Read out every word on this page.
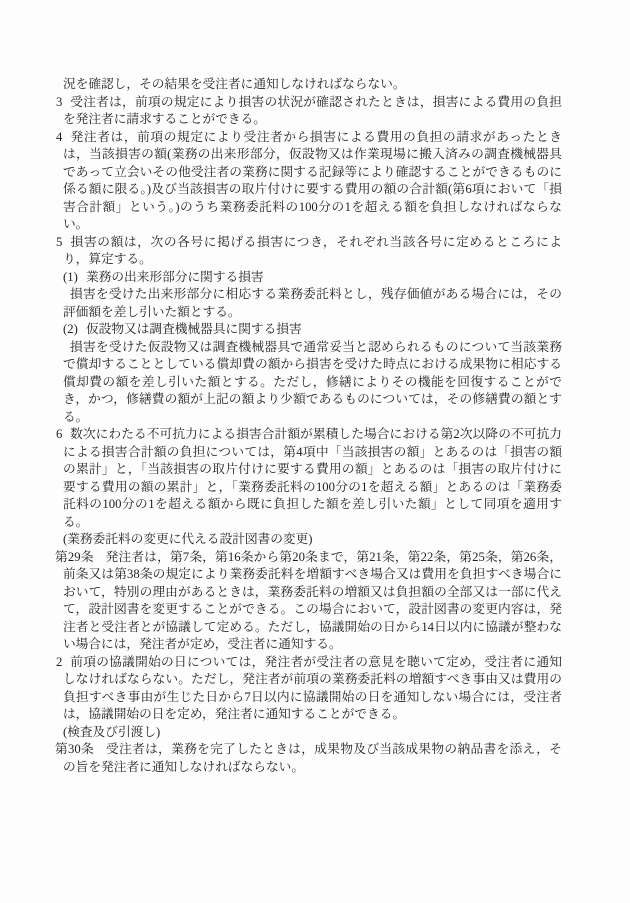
況を確認し，その結果を受注者に通知しなければならない。

3 受注者は，前項の規定により損害の状況が確認されたときは，損害による費用の負担を発注者に請求することができる。

4 発注者は，前項の規定により受注者から損害による費用の負担の請求があったときは，当該損害の額(業務の出来形部分，仮設物又は作業現場に搬入済みの調査機械器具であって立会いその他受注者の業務に関する記録等により確認することができるものに係る額に限る。)及び当該損害の取片付けに要する費用の額の合計額(第6項において「損害合計額」という。)のうち業務委託料の100分の1を超える額を負担しなければならない。

5 損害の額は，次の各号に掲げる損害につき，それぞれ当該各号に定めるところにより，算定する。

(1) 業務の出来形部分に関する損害

損害を受けた出来形部分に相応する業務委託料とし，残存価値がある場合には，その評価額を差し引いた額とする。

(2) 仮設物又は調査機械器具に関する損害

損害を受けた仮設物又は調査機械器具で通常妥当と認められるものについて当該業務で償却することとしている償却費の額から損害を受けた時点における成果物に相応する償却費の額を差し引いた額とする。ただし，修繕によりその機能を回復することができ，かつ，修繕費の額が上記の額より少額であるものについては，その修繕費の額とする。

6 数次にわたる不可抗力による損害合計額が累積した場合における第2次以降の不可抗力による損害合計額の負担については，第4項中「当該損害の額」とあるのは「損害の額の累計」と，「当該損害の取片付けに要する費用の額」とあるのは「損害の取片付けに要する費用の額の累計」と，「業務委託料の100分の1を超える額」とあるのは「業務委託料の100分の1を超える額から既に負担した額を差し引いた額」として同項を適用する。

(業務委託料の変更に代える設計図書の変更)

第29条 発注者は，第7条，第16条から第20条まで，第21条，第22条，第25条，第26条，前条又は第38条の規定により業務委託料を増額すべき場合又は費用を負担すべき場合において，特別の理由があるときは，業務委託料の増額又は負担額の全部又は一部に代えて，設計図書を変更することができる。この場合において，設計図書の変更内容は，発注者と受注者とが協議して定める。ただし，協議開始の日から14日以内に協議が整わない場合には，発注者が定め，受注者に通知する。

2 前項の協議開始の日については，発注者が受注者の意見を聴いて定め，受注者に通知しなければならない。ただし，発注者が前項の業務委託料の増額すべき事由又は費用の負担すべき事由が生じた日から7日以内に協議開始の日を通知しない場合には，受注者は，協議開始の日を定め，発注者に通知することができる。

(検査及び引渡し)

第30条 受注者は，業務を完了したときは，成果物及び当該成果物の納品書を添え，その旨を発注者に通知しなければならない。
